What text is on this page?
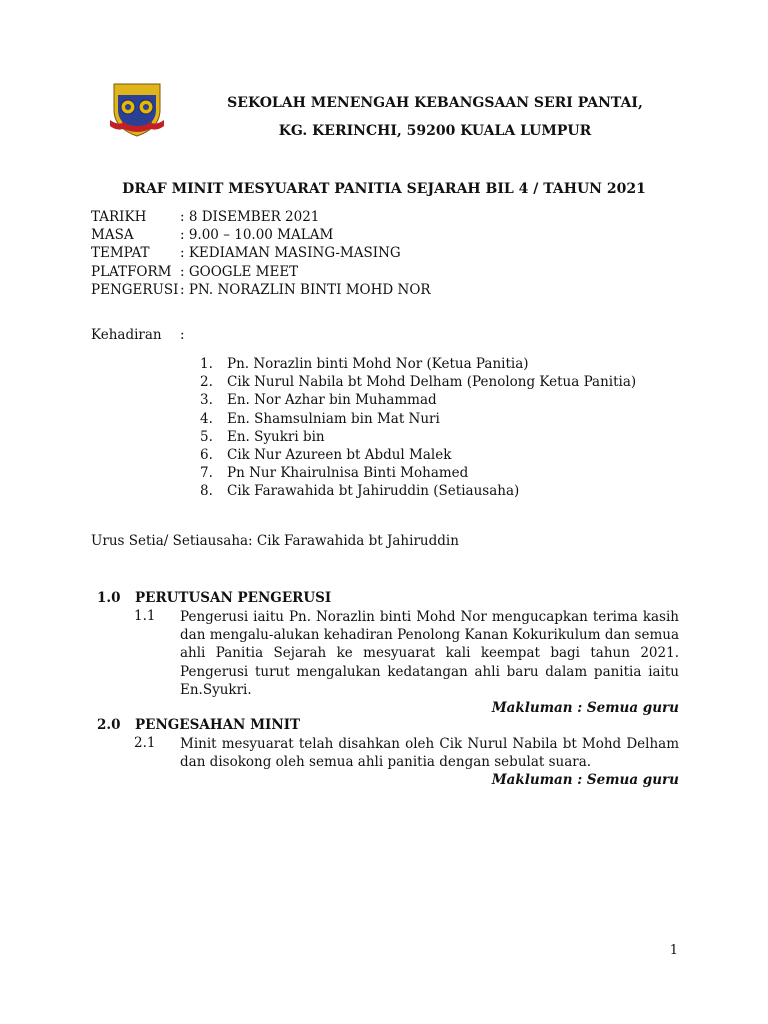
SEKOLAH MENENGAH KEBANGSAAN SERI PANTAI,
KG. KERINCHI, 59200 KUALA LUMPUR
DRAF MINIT MESYUARAT PANITIA SEJARAH BIL 4 / TAHUN 2021
TARIKH : 8 DISEMBER 2021
MASA	: 9.00 – 10.00 MALAM
TEMPAT : KEDIAMAN MASING-MASING
PLATFORM : GOOGLE MEET
PENGERUSI: PN. NORAZLIN BINTI MOHD NOR
Kehadiran :
1. Pn. Norazlin binti Mohd Nor (Ketua Panitia)
2. Cik Nurul Nabila bt Mohd Delham (Penolong Ketua Panitia)
3. En. Nor Azhar bin Muhammad
4. En. Shamsulniam bin Mat Nuri
5. En. Syukri bin
6. Cik Nur Azureen bt Abdul Malek
7. Pn Nur Khairulnisa Binti Mohamed
8. Cik Farawahida bt Jahiruddin (Setiausaha)
Urus Setia/ Setiausaha: Cik Farawahida bt Jahiruddin
1.0 PERUTUSAN PENGERUSI
1.1 Pengerusi iaitu Pn. Norazlin binti Mohd Nor mengucapkan terima kasih dan mengalu-alukan kehadiran Penolong Kanan Kokurikulum dan semua ahli Panitia Sejarah ke mesyuarat kali keempat bagi tahun 2021. Pengerusi turut mengalukan kedatangan ahli baru dalam panitia iaitu En.Syukri.
Makluman : Semua guru
2.0 PENGESAHAN MINIT
2.1 Minit mesyuarat telah disahkan oleh Cik Nurul Nabila bt Mohd Delham dan disokong oleh semua ahli panitia dengan sebulat suara.
Makluman : Semua guru
1
